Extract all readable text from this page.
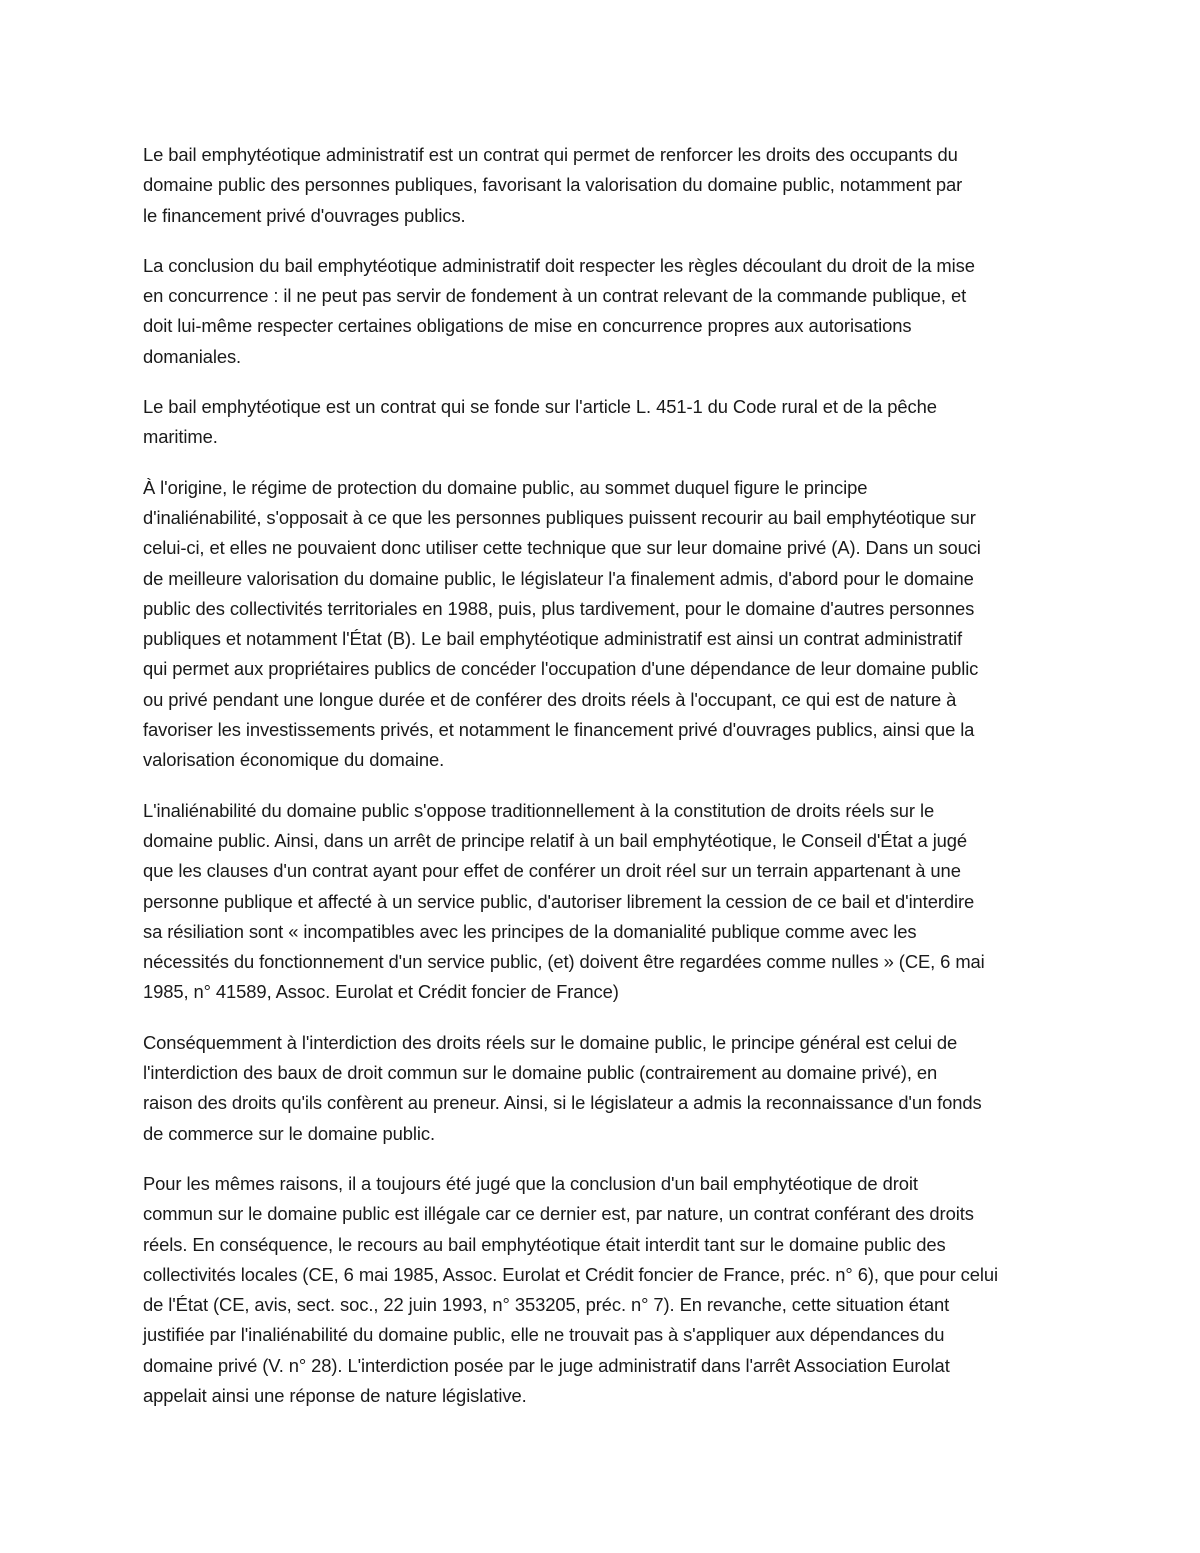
Le bail emphytéotique administratif est un contrat qui permet de renforcer les droits des occupants du
domaine public des personnes publiques, favorisant la valorisation du domaine public, notamment par
le financement privé d'ouvrages publics.

La conclusion du bail emphytéotique administratif doit respecter les règles découlant du droit de la mise
en concurrence : il ne peut pas servir de fondement à un contrat relevant de la commande publique, et
doit lui-même respecter certaines obligations de mise en concurrence propres aux autorisations
domaniales.

Le bail emphytéotique est un contrat qui se fonde sur l'article L. 451-1 du Code rural et de la pêche
maritime.

À l'origine, le régime de protection du domaine public, au sommet duquel figure le principe
d'inaliénabilité, s'opposait à ce que les personnes publiques puissent recourir au bail emphytéotique sur
celui-ci, et elles ne pouvaient donc utiliser cette technique que sur leur domaine privé (A). Dans un souci
de meilleure valorisation du domaine public, le législateur l'a finalement admis, d'abord pour le domaine
public des collectivités territoriales en 1988, puis, plus tardivement, pour le domaine d'autres personnes
publiques et notamment l'État (B). Le bail emphytéotique administratif est ainsi un contrat administratif
qui permet aux propriétaires publics de concéder l'occupation d'une dépendance de leur domaine public
ou privé pendant une longue durée et de conférer des droits réels à l'occupant, ce qui est de nature à
favoriser les investissements privés, et notamment le financement privé d'ouvrages publics, ainsi que la
valorisation économique du domaine.

L'inaliénabilité du domaine public s'oppose traditionnellement à la constitution de droits réels sur le
domaine public. Ainsi, dans un arrêt de principe relatif à un bail emphytéotique, le Conseil d'État a jugé
que les clauses d'un contrat ayant pour effet de conférer un droit réel sur un terrain appartenant à une
personne publique et affecté à un service public, d'autoriser librement la cession de ce bail et d'interdire
sa résiliation sont « incompatibles avec les principes de la domanialité publique comme avec les
nécessités du fonctionnement d'un service public, (et) doivent être regardées comme nulles » (CE, 6 mai
1985, n° 41589, Assoc. Eurolat et Crédit foncier de France)

Conséquemment à l'interdiction des droits réels sur le domaine public, le principe général est celui de
l'interdiction des baux de droit commun sur le domaine public (contrairement au domaine privé), en
raison des droits qu'ils confèrent au preneur. Ainsi, si le législateur a admis la reconnaissance d'un fonds
de commerce sur le domaine public.

Pour les mêmes raisons, il a toujours été jugé que la conclusion d'un bail emphytéotique de droit
commun sur le domaine public est illégale car ce dernier est, par nature, un contrat conférant des droits
réels. En conséquence, le recours au bail emphytéotique était interdit tant sur le domaine public des
collectivités locales (CE, 6 mai 1985, Assoc. Eurolat et Crédit foncier de France, préc. n° 6), que pour celui
de l'État (CE, avis, sect. soc., 22 juin 1993, n° 353205, préc. n° 7). En revanche, cette situation étant
justifiée par l'inaliénabilité du domaine public, elle ne trouvait pas à s'appliquer aux dépendances du
domaine privé (V. n° 28). L'interdiction posée par le juge administratif dans l'arrêt Association Eurolat
appelait ainsi une réponse de nature législative.
